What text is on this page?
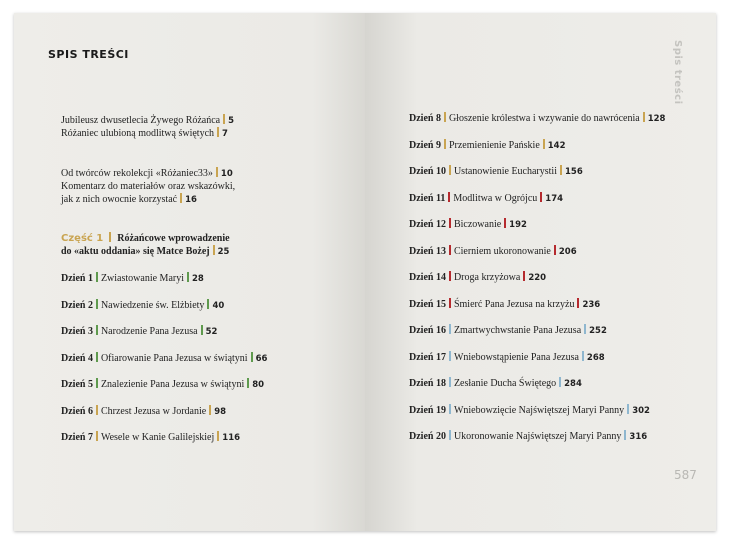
SPIS TREŚCI
Jubileusz dwusetlecia Żywego Różańca 5
Różaniec ulubioną modlitwą świętych 7
Od twórców rekolekcji «Różaniec33» 10
Komentarz do materiałów oraz wskazówki,
jak z nich owocnie korzystać 16
Część 1 Różańcowe wprowadzenie
do «aktu oddania» się Matce Bożej 25
Dzień 1 Zwiastowanie Maryi 28
Dzień 2 Nawiedzenie św. Elżbiety 40
Dzień 3 Narodzenie Pana Jezusa 52
Dzień 4 Ofiarowanie Pana Jezusa w świątyni 66
Dzień 5 Znalezienie Pana Jezusa w świątyni 80
Dzień 6 Chrzest Jezusa w Jordanie 98
Dzień 7 Wesele w Kanie Galilejskiej 116
Dzień 8 Głoszenie królestwa i wzywanie do nawrócenia 128
Dzień 9 Przemienienie Pańskie 142
Dzień 10 Ustanowienie Eucharystii 156
Dzień 11 Modlitwa w Ogrójcu 174
Dzień 12 Biczowanie 192
Dzień 13 Cierniem ukoronowanie 206
Dzień 14 Droga krzyżowa 220
Dzień 15 Śmierć Pana Jezusa na krzyżu 236
Dzień 16 Zmartwychwstanie Pana Jezusa 252
Dzień 17 Wniebowstąpienie Pana Jezusa 268
Dzień 18 Zesłanie Ducha Świętego 284
Dzień 19 Wniebowzięcie Najświętszej Maryi Panny 302
Dzień 20 Ukoronowanie Najświętszej Maryi Panny 316
Spis treści
587
